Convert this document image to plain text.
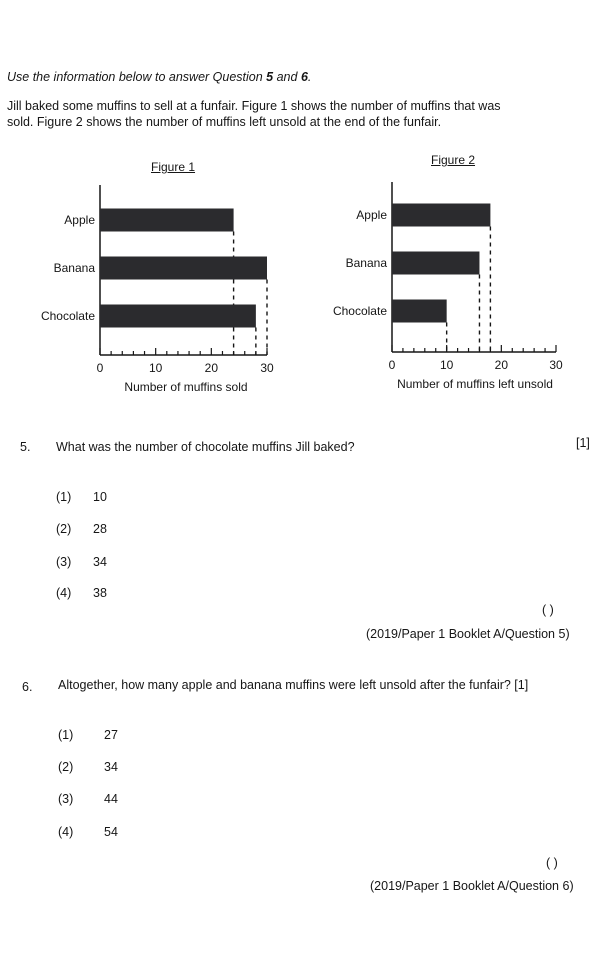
Use the information below to answer Question 5 and 6.
Jill baked some muffins to sell at a funfair. Figure 1 shows the number of muffins that was
sold. Figure 2 shows the number of muffins left unsold at the end of the funfair.
Figure 1	Figure 2
0	10	20	30
Apple
Banana
Chocolate
Number of muffins sold
0	10	20	30
Apple
Banana
Chocolate
Number of muffins left unsold
5. What was the number of chocolate muffins Jill baked?	[1]
(1) 10
(2) 28
(3) 34
(4) 38
( )
(2019/Paper 1 Booklet A/Question 5)
6. Altogether, how many apple and banana muffins were left unsold after the funfair? [1]
(1) 27
(2) 34
(3) 44
(4) 54
( )
(2019/Paper 1 Booklet A/Question 6)
